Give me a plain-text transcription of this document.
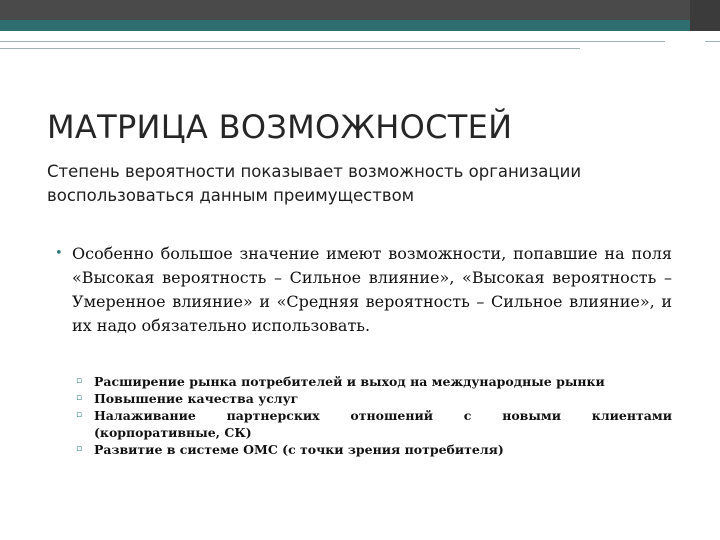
МАТРИЦА ВОЗМОЖНОСТЕЙ
Степень вероятности показывает возможность организации воспользоваться данным преимуществом
• Особенно большое значение имеют возможности, попавшие на поля «Высокая вероятность – Сильное влияние», «Высокая вероятность – Умеренное влияние» и «Средняя вероятность – Сильное влияние», и их надо обязательно использовать.
▫ Расширение рынка потребителей и выход на международные рынки
▫ Повышение качества услуг
▫ Налаживание партнерских отношений с новыми клиентами
(корпоративные, СК)
▫ Развитие в системе ОМС (с точки зрения потребителя)
